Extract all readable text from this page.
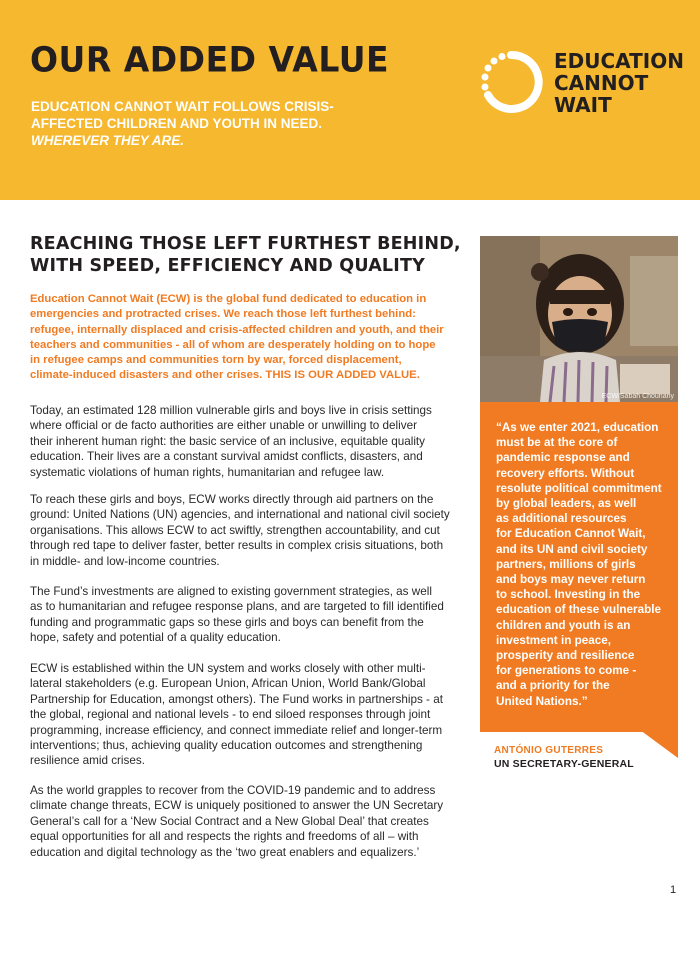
OUR ADDED VALUE
EDUCATION CANNOT WAIT FOLLOWS CRISIS-
AFFECTED CHILDREN AND YOUTH IN NEED.
WHEREVER THEY ARE.
EDUCATION
CANNOT
WAIT
REACHING THOSE LEFT FURTHEST BEHIND,
WITH SPEED, EFFICIENCY AND QUALITY
Education Cannot Wait (ECW) is the global fund dedicated to education in
emergencies and protracted crises. We reach those left furthest behind:
refugee, internally displaced and crisis-affected children and youth, and their
teachers and communities - all of whom are desperately holding on to hope
in refugee camps and communities torn by war, forced displacement,
climate-induced disasters and other crises. THIS IS OUR ADDED VALUE.
Today, an estimated 128 million vulnerable girls and boys live in crisis settings
where official or de facto authorities are either unable or unwilling to deliver
their inherent human right: the basic service of an inclusive, equitable quality
education. Their lives are a constant survival amidst conflicts, disasters, and
systematic violations of human rights, humanitarian and refugee law.
To reach these girls and boys, ECW works directly through aid partners on the
ground: United Nations (UN) agencies, and international and national civil society
organisations. This allows ECW to act swiftly, strengthen accountability, and cut
through red tape to deliver faster, better results in complex crisis situations, both
in middle- and low-income countries.
The Fund’s investments are aligned to existing government strategies, as well
as to humanitarian and refugee response plans, and are targeted to fill identified
funding and programmatic gaps so these girls and boys can benefit from the
hope, safety and potential of a quality education.
ECW is established within the UN system and works closely with other multi-
lateral stakeholders (e.g. European Union, African Union, World Bank/Global
Partnership for Education, amongst others). The Fund works in partnerships - at
the global, regional and national levels - to end siloed responses through joint
programming, increase efficiency, and connect immediate relief and longer-term
interventions; thus, achieving quality education outcomes and strengthening
resilience amid crises.
As the world grapples to recover from the COVID-19 pandemic and to address
climate change threats, ECW is uniquely positioned to answer the UN Secretary
General’s call for a ‘New Social Contract and a New Global Deal’ that creates
equal opportunities for all and respects the rights and freedoms of all – with
education and digital technology as the ‘two great enablers and equalizers.’
ECW/Sabah Chounany
“As we enter 2021, education
must be at the core of
pandemic response and
recovery efforts. Without
resolute political commitment
by global leaders, as well
as additional resources
for Education Cannot Wait,
and its UN and civil society
partners, millions of girls
and boys may never return
to school. Investing in the
education of these vulnerable
children and youth is an
investment in peace,
prosperity and resilience
for generations to come -
and a priority for the
United Nations.”
ANTÓNIO GUTERRES
UN SECRETARY-GENERAL
1
